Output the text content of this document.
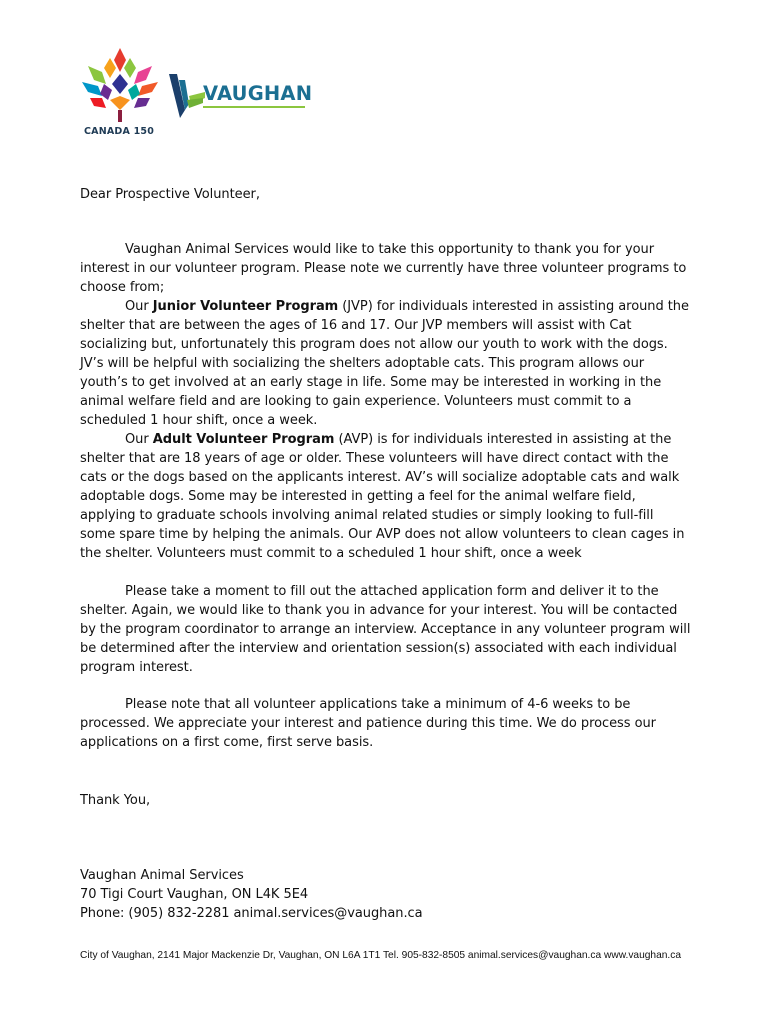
CANADA 150
VAUGHAN
Dear Prospective Volunteer,

Vaughan Animal Services would like to take this opportunity to thank you for your interest in our volunteer program. Please note we currently have three volunteer programs to choose from;

Our Junior Volunteer Program (JVP) for individuals interested in assisting around the shelter that are between the ages of 16 and 17. Our JVP members will assist with Cat socializing but, unfortunately this program does not allow our youth to work with the dogs. JV’s will be helpful with socializing the shelters adoptable cats. This program allows our youth’s to get involved at an early stage in life. Some may be interested in working in the animal welfare field and are looking to gain experience. Volunteers must commit to a scheduled 1 hour shift, once a week.

Our Adult Volunteer Program (AVP) is for individuals interested in assisting at the shelter that are 18 years of age or older. These volunteers will have direct contact with the cats or the dogs based on the applicants interest. AV’s will socialize adoptable cats and walk adoptable dogs. Some may be interested in getting a feel for the animal welfare field, applying to graduate schools involving animal related studies or simply looking to full-fill some spare time by helping the animals. Our AVP does not allow volunteers to clean cages in the shelter. Volunteers must commit to a scheduled 1 hour shift, once a week

Please take a moment to fill out the attached application form and deliver it to the shelter. Again, we would like to thank you in advance for your interest. You will be contacted by the program coordinator to arrange an interview. Acceptance in any volunteer program will be determined after the interview and orientation session(s) associated with each individual program interest.

Please note that all volunteer applications take a minimum of 4-6 weeks to be processed. We appreciate your interest and patience during this time. We do process our applications on a first come, first serve basis.

Thank You,
Vaughan Animal Services
70 Tigi Court Vaughan, ON L4K 5E4
Phone: (905) 832-2281 animal.services@vaughan.ca
City of Vaughan, 2141 Major Mackenzie Dr, Vaughan, ON L6A 1T1 Tel. 905-832-8505 animal.services@vaughan.ca www.vaughan.ca
